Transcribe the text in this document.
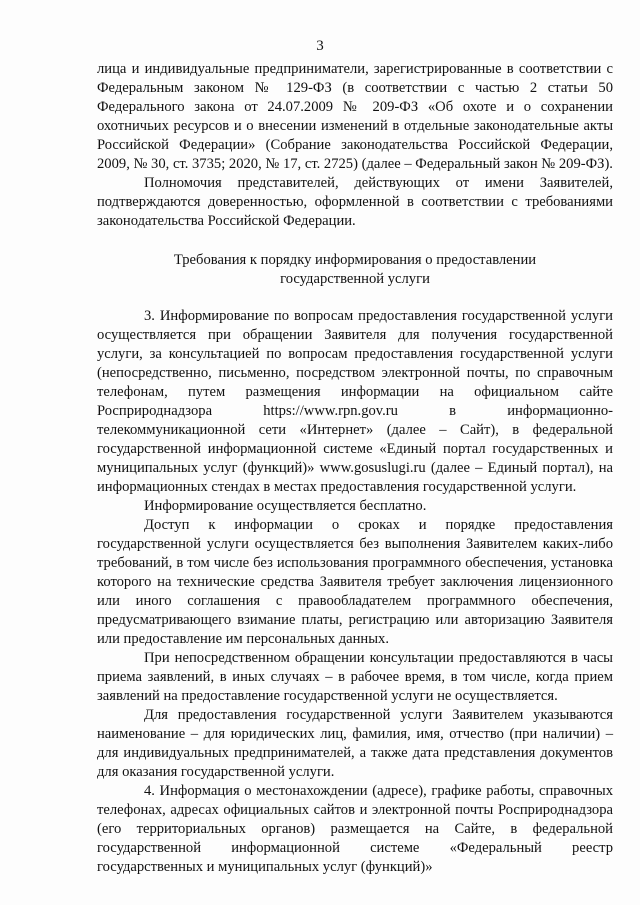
3

лица и индивидуальные предприниматели, зарегистрированные в соответствии с Федеральным законом № 129-ФЗ (в соответствии с частью 2 статьи 50 Федерального закона от 24.07.2009 № 209-ФЗ «Об охоте и о сохранении охотничьих ресурсов и о внесении изменений в отдельные законодательные акты Российской Федерации» (Собрание законодательства Российской Федерации, 2009, № 30, ст. 3735; 2020, № 17, ст. 2725) (далее – Федеральный закон № 209-ФЗ).

Полномочия представителей, действующих от имени Заявителей, подтверждаются доверенностью, оформленной в соответствии с требованиями законодательства Российской Федерации.

Требования к порядку информирования о предоставлении государственной услуги

3. Информирование по вопросам предоставления государственной услуги осуществляется при обращении Заявителя для получения государственной услуги, за консультацией по вопросам предоставления государственной услуги (непосредственно, письменно, посредством электронной почты, по справочным телефонам, путем размещения информации на официальном сайте Росприроднадзора https://www.rpn.gov.ru в информационно-телекоммуникационной сети «Интернет» (далее – Сайт), в федеральной государственной информационной системе «Единый портал государственных и муниципальных услуг (функций)» www.gosuslugi.ru (далее – Единый портал), на информационных стендах в местах предоставления государственной услуги.

Информирование осуществляется бесплатно.

Доступ к информации о сроках и порядке предоставления государственной услуги осуществляется без выполнения Заявителем каких-либо требований, в том числе без использования программного обеспечения, установка которого на технические средства Заявителя требует заключения лицензионного или иного соглашения с правообладателем программного обеспечения, предусматривающего взимание платы, регистрацию или авторизацию Заявителя или предоставление им персональных данных.

При непосредственном обращении консультации предоставляются в часы приема заявлений, в иных случаях – в рабочее время, в том числе, когда прием заявлений на предоставление государственной услуги не осуществляется.

Для предоставления государственной услуги Заявителем указываются наименование – для юридических лиц, фамилия, имя, отчество (при наличии) – для индивидуальных предпринимателей, а также дата представления документов для оказания государственной услуги.

4. Информация о местонахождении (адресе), графике работы, справочных телефонах, адресах официальных сайтов и электронной почты Росприроднадзора (его территориальных органов) размещается на Сайте, в федеральной государственной информационной системе «Федеральный реестр государственных и муниципальных услуг (функций)»
